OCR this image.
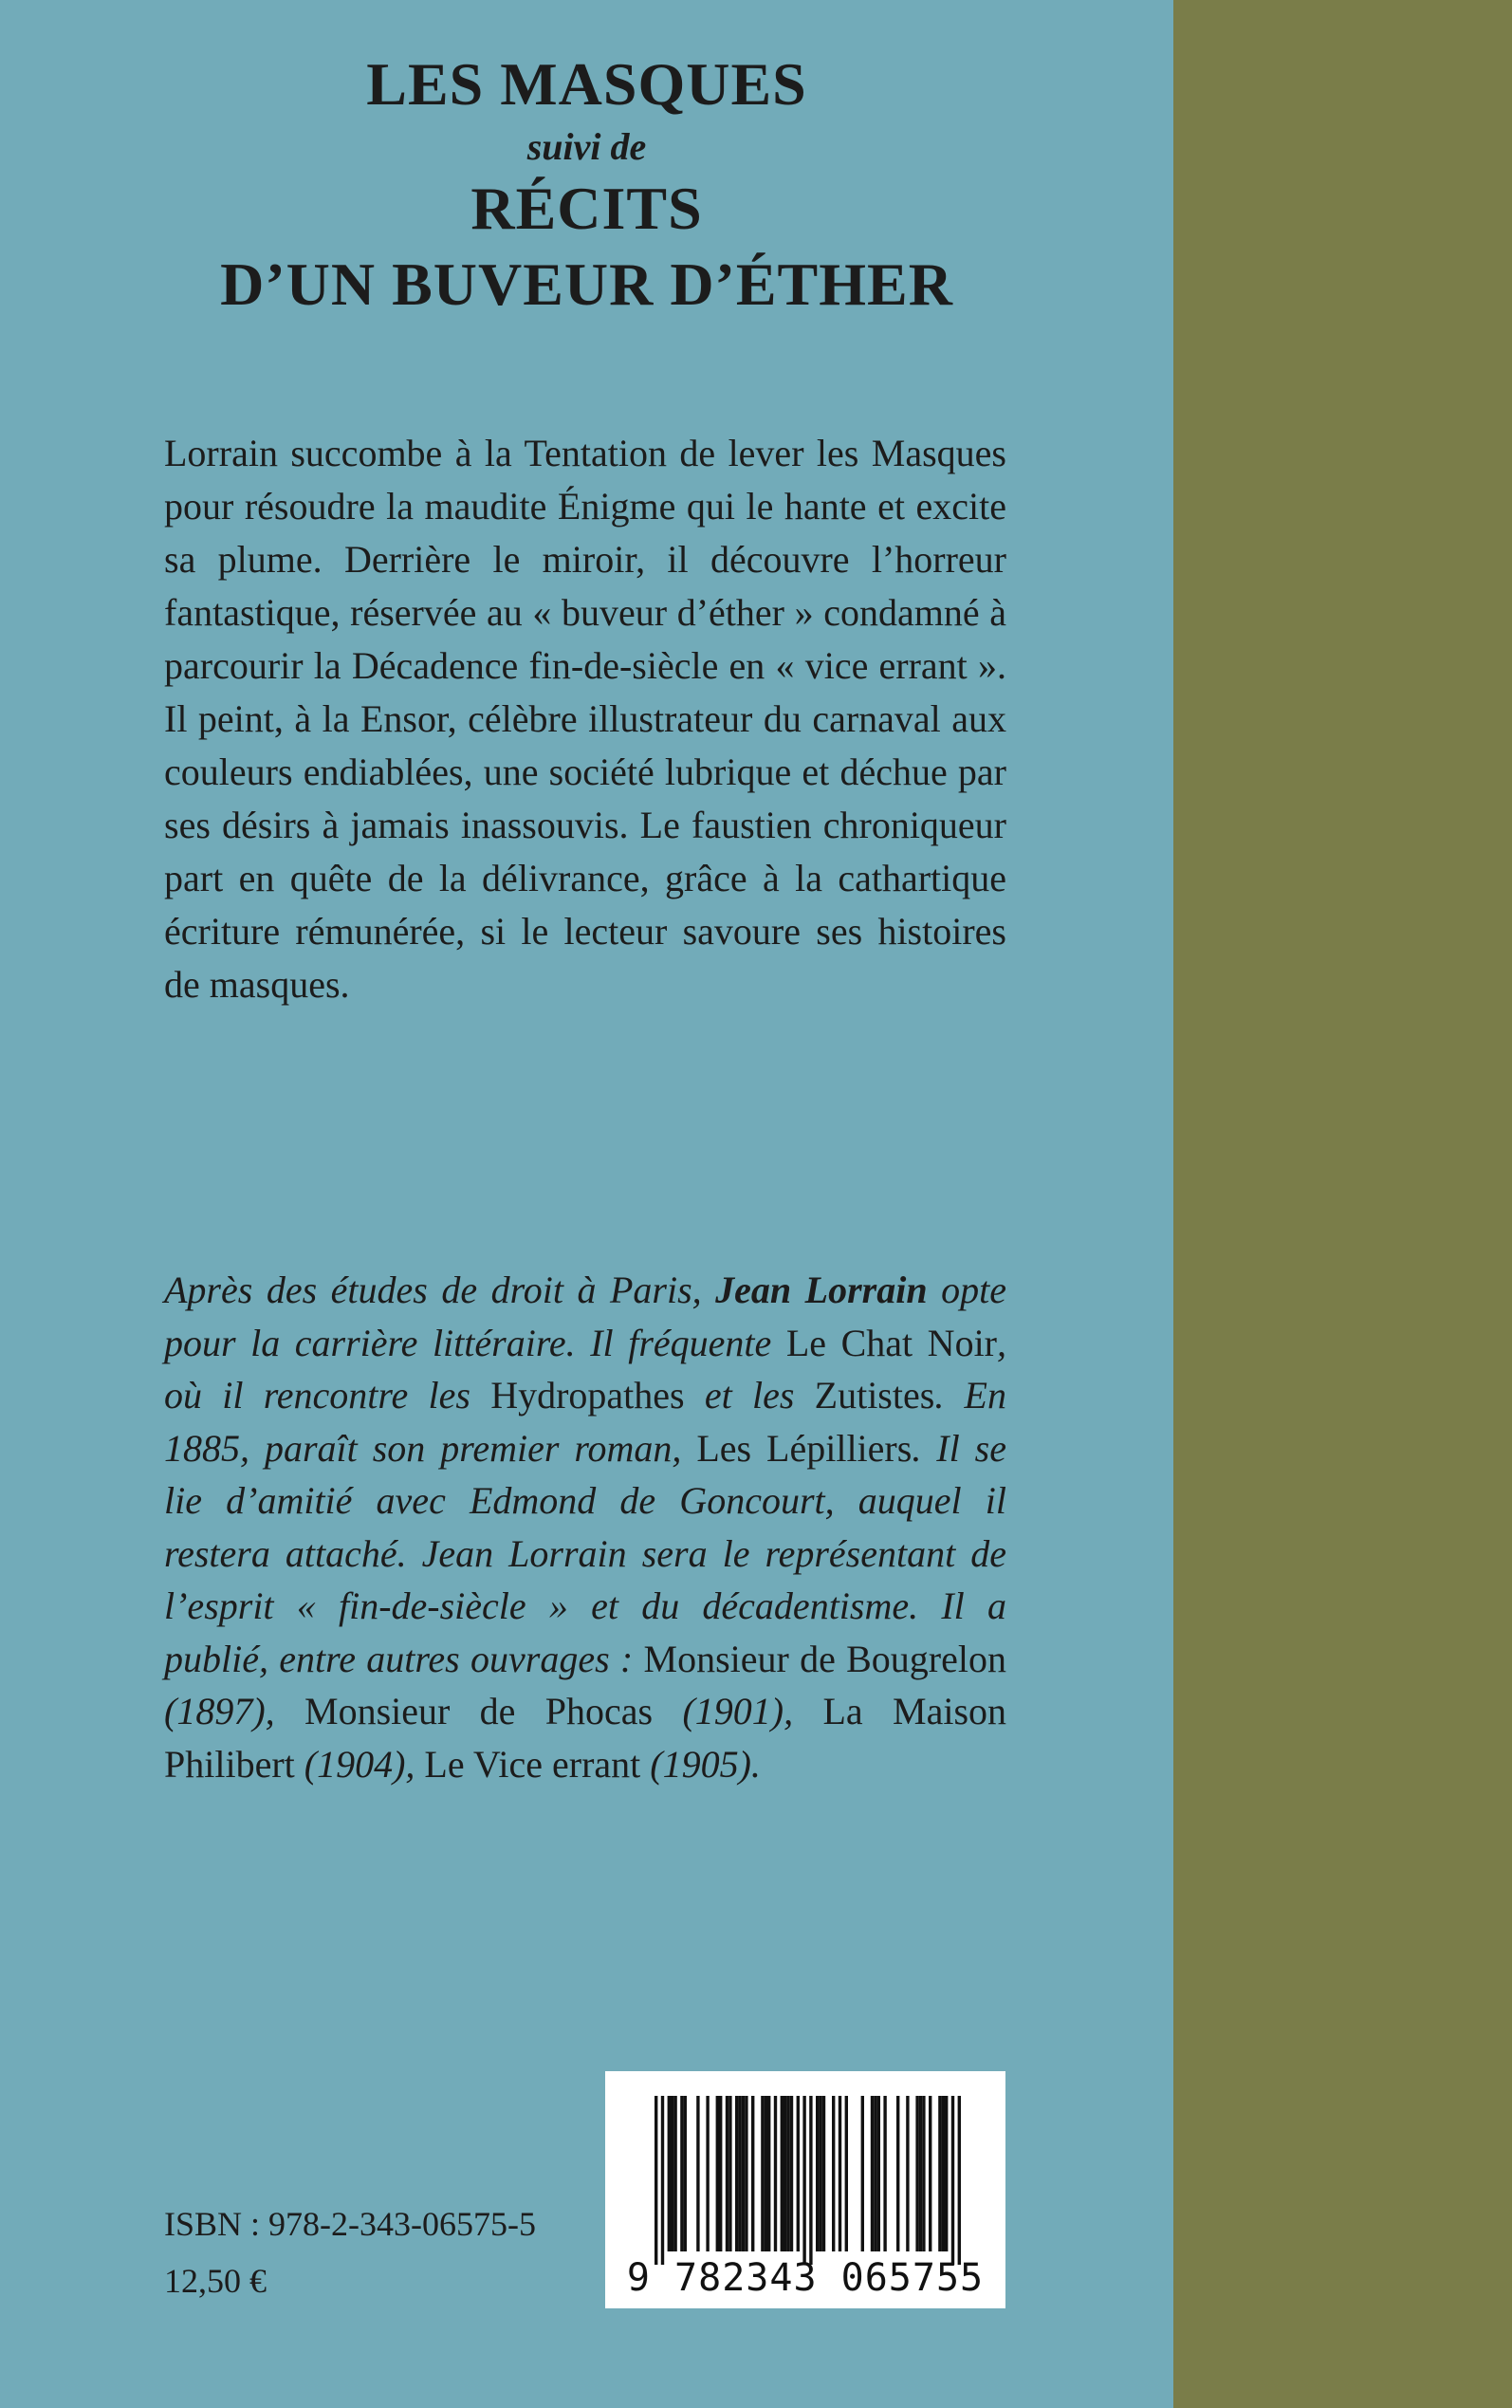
LES MASQUES
suivi de
RÉCITS
D’UN BUVEUR D’ÉTHER

Lorrain succombe à la Tentation de lever les Masques pour résoudre la maudite Énigme qui le hante et excite sa plume. Derrière le miroir, il découvre l’horreur fantastique, réservée au « buveur d’éther » condamné à parcourir la Décadence fin-de-siècle en « vice errant ». Il peint, à la Ensor, célèbre illustrateur du carnaval aux couleurs endiablées, une société lubrique et déchue par ses désirs à jamais inassouvis. Le faustien chroniqueur part en quête de la délivrance, grâce à la cathartique écriture rémunérée, si le lecteur savoure ses histoires de masques.

Après des études de droit à Paris, Jean Lorrain opte pour la carrière littéraire. Il fréquente Le Chat Noir, où il rencontre les Hydropathes et les Zutistes. En 1885, paraît son premier roman, Les Lépilliers. Il se lie d’amitié avec Edmond de Goncourt, auquel il restera attaché. Jean Lorrain sera le représentant de l’esprit « fin-de-siècle » et du décadentisme. Il a publié, entre autres ouvrages : Monsieur de Bougrelon (1897), Monsieur de Phocas (1901), La Maison Philibert (1904), Le Vice errant (1905).

ISBN : 978-2-343-06575-5
12,50 €	9 782343 065755
